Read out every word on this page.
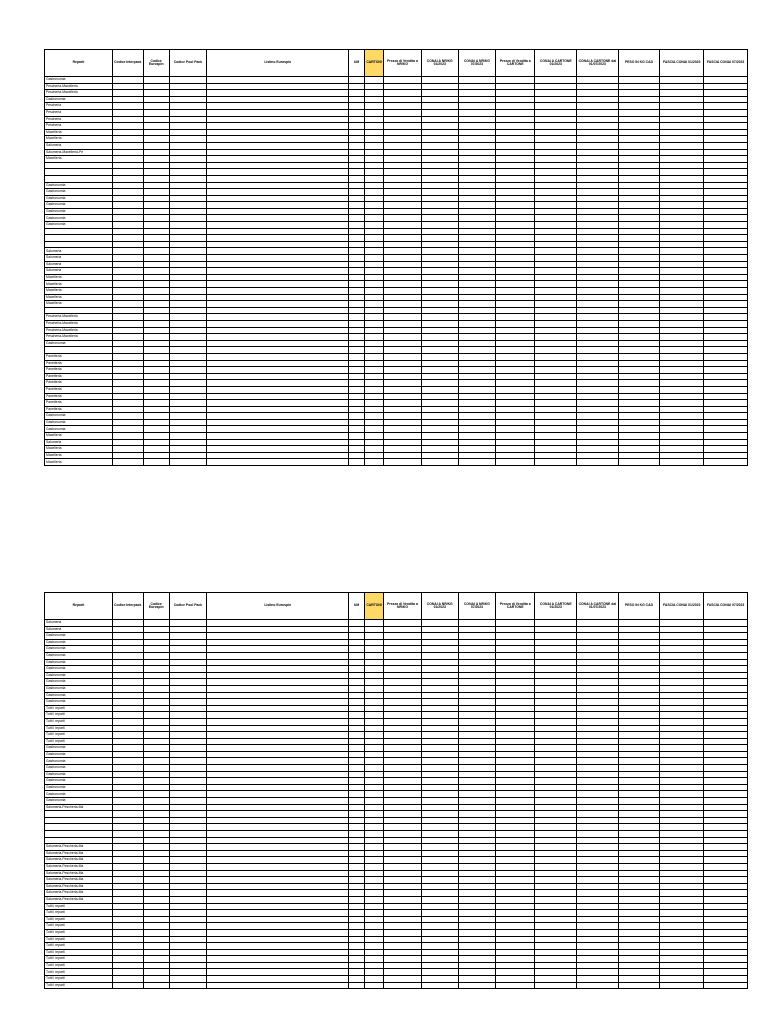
Reparti	Codice Interpack	Codice Eurospin	Codice Pool Pack	Listino Eurospin	UM	CARTONI	Prezzo di Vendita a NR/KG	CONAI A NR/KG 01/2023	CONAI A NR/KG 07/2023	Prezzo di Vendita a CARTONE	CONAI A CARTONE 01/2023	CONAI A CARTONE dal 01/07/2023	PESO IN KG CAD	FASCIA CONAI 01/2023	FASCIA CONAI 07/2023
Gastronomia															
Pescheria-Macelleria															
Pescheria-Macelleria															
Gastronomia															
Pescheria															
Pescheria															
Pescheria															
Pescheria															
Macelleria															
Macelleria															
Salumeria															
Salumeria-Macelleria-Pe															
Macelleria															

Gastronomia															
Gastronomia															
Gastronomia															
Gastronomia															
Gastronomia															
Gastronomia															
Gastronomia															

Salumeria															
Salumeria															
Salumeria															
Salumeria															
Macelleria															
Macelleria															
Macelleria															
Macelleria															
Macelleria															

Pescheria-Macelleria															
Pescheria-Macelleria															
Pescheria-Macelleria															
Pescheria-Macelleria															
Gastronomia															

Panetteria															
Panetteria															
Panetteria															
Panetteria															
Panetteria															
Panetteria															
Panetteria															
Panetteria															
Panetteria															
Gastronomia															
Gastronomia															
Gastronomia															
Macelleria															
Salumeria															
Macelleria															
Macelleria															
Macelleria															
Reparti	Codice Interpack	Codice Eurospin	Codice Pool Pack	Listino Eurospin	UM	CARTONI	Prezzo di Vendita a NR/KG	CONAI A NR/KG 01/2023	CONAI A NR/KG 07/2023	Prezzo di Vendita a CARTONE	CONAI A CARTONE 01/2023	CONAI A CARTONE dal 01/07/2023	PESO IN KG CAD	FASCIA CONAI 01/2023	FASCIA CONAI 07/2023
Salumeria															
Salumeria															
Gastronomia															
Gastronomia															
Gastronomia															
Gastronomia															
Gastronomia															
Gastronomia															
Gastronomia															
Gastronomia															
Gastronomia															
Gastronomia															
Gastronomia															
Tutti i reparti															
Tutti i reparti															
Tutti i reparti															
Tutti i reparti															
Tutti i reparti															
Tutti i reparti															
Gastronomia															
Gastronomia															
Gastronomia															
Gastronomia															
Gastronomia															
Gastronomia															
Gastronomia															
Gastronomia															
Gastronomia															
Salumeria-Pescheria-Ma															

Salumeria-Pescheria-Ma															
Salumeria-Pescheria-Ma															
Salumeria-Pescheria-Ma															
Salumeria-Pescheria-Ma															
Salumeria-Pescheria-Ma															
Salumeria-Pescheria-Ma															
Salumeria-Pescheria-Ma															
Salumeria-Pescheria-Ma															
Salumeria-Pescheria-Ma															
Tutti i reparti															
Tutti i reparti															
Tutti i reparti															
Tutti i reparti															
Tutti i reparti															
Tutti i reparti															
Tutti i reparti															
Tutti i reparti															
Tutti i reparti															
Tutti i reparti															
Tutti i reparti															
Tutti i reparti															
Tutti i reparti															
